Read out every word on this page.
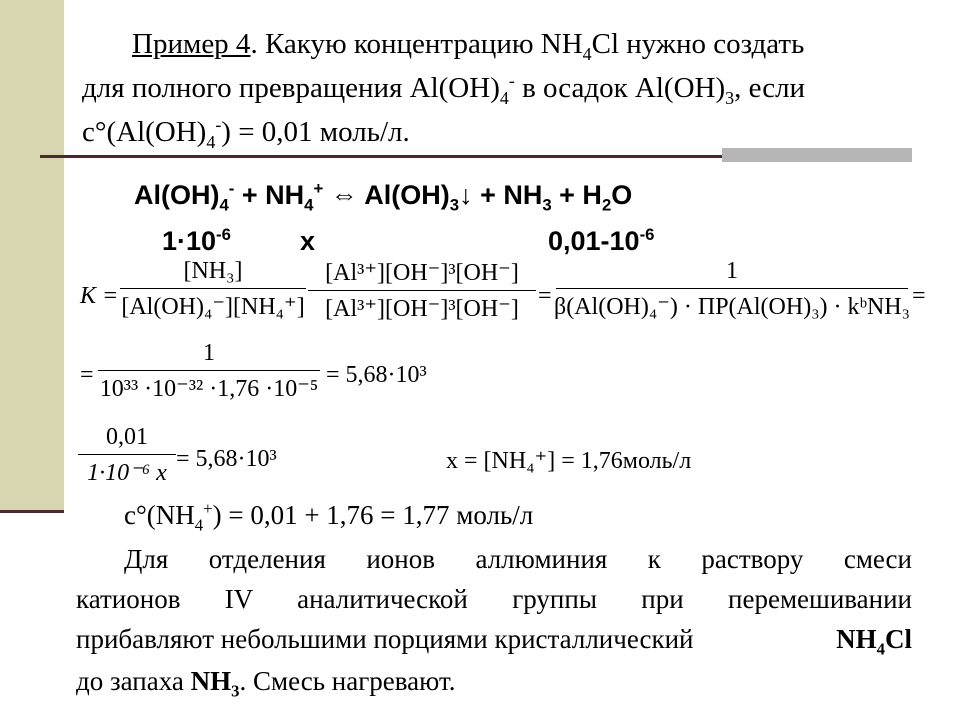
Пример 4. Какую концентрацию $NH_4Cl$ нужно создать
для полного превращения $Al(OH)_4^-$ в осадок $Al(OH)_3$, если
$c^\circ(Al(OH)_4^-) = 0,01$ моль/л.
$Al(OH)_4^- + NH_4^+$ ⇔ $Al(OH)_3↓ + NH_3 + H_2O$
$1\cdot 10^{-6}$	x	$0,01-10^{-6}$
K =
[NH₃]
[Al(OH)₄⁻][NH₄⁺]
[Al³⁺][OH⁻]³[OH⁻]
[Al³⁺][OH⁻]³[OH⁻] =
1
β(Al(OH)₄⁻) · ПР(Al(OH)₃) · kᵇNH₃ =
=
1
10³³ ·10⁻³² ·1,76 ·10⁻⁵
= 5,68·10³
0,01
1·10⁻⁶ x
= 5,68·10³	x = [NH₄⁺] = 1,76моль/л
$c^\circ(NH_4^+) = 0,01 + 1,76 = 1,77$ моль/л
Для отделения ионов аллюминия к раствору смеси
катионов IV аналитической группы при перемешивании
прибавляют небольшими порциями кристаллический	$NH_4Cl$
до запаха $NH_3$. Смесь нагревают.
